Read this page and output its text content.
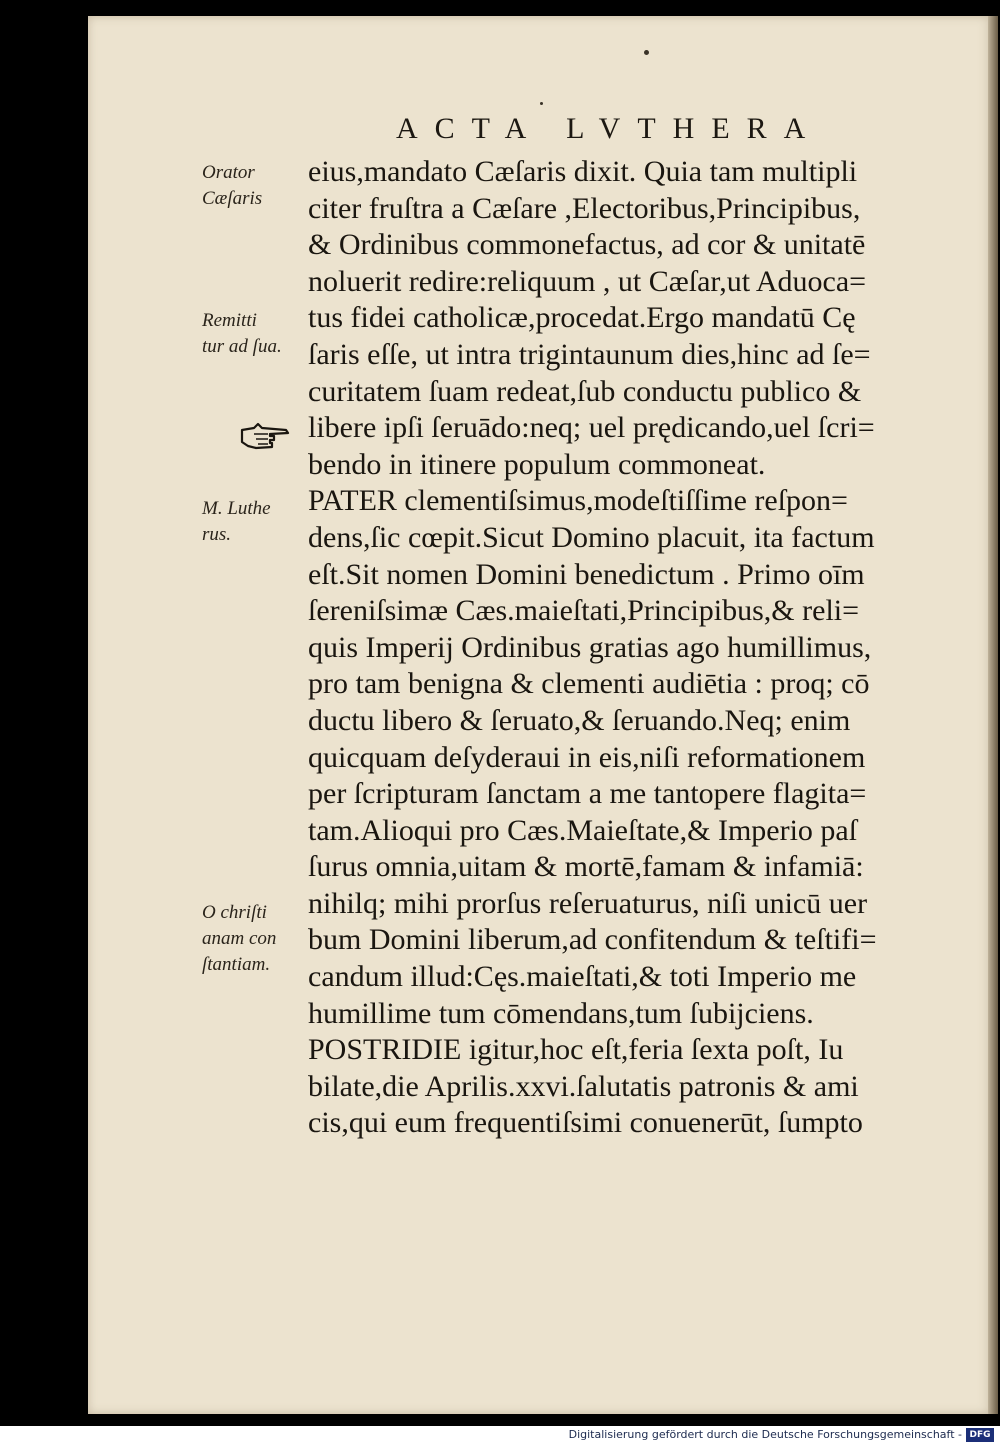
ACTA LVTHERA
Orator
Cæſaris
Remitti
tur ad ſua.
M. Luthe
rus.
O chriſti
anam con
ſtantiam.
eius,mandato Cæſaris dixit. Quia tam multipli
citer fruſtra a Cæſare ,Electoribus,Principibus,
& Ordinibus commonefactus, ad cor & unitatē
noluerit redire:reliquum , ut Cæſar,ut Aduoca=
tus fidei catholicæ,procedat.Ergo mandatū Cę
ſaris eſſe, ut intra trigintaunum dies,hinc ad ſe=
curitatem ſuam redeat,ſub conductu publico &
libere ipſi ſeruādo:neq; uel prędicando,uel ſcri=
bendo in itinere populum commoneat.
PATER clementiſsimus,modeſtiſſime reſpon=
dens,ſic cœpit.Sicut Domino placuit, ita factum
eſt.Sit nomen Domini benedictum . Primo oīm
ſereniſsimæ Cæs.maieſtati,Principibus,& reli=
quis Imperij Ordinibus gratias ago humillimus,
pro tam benigna & clementi audiētia : proq; cō
ductu libero & ſeruato,& ſeruando.Neq; enim
quicquam deſyderaui in eis,niſi reformationem
per ſcripturam ſanctam a me tantopere flagita=
tam.Alioqui pro Cæs.Maieſtate,& Imperio paſ
ſurus omnia,uitam & mortē,famam & infamiā:
nihilq; mihi prorſus reſeruaturus, niſi unicū uer
bum Domini liberum,ad confitendum & teſtifi=
candum illud:Cęs.maieſtati,& toti Imperio me
humillime tum cōmendans,tum ſubijciens.
POSTRIDIE igitur,hoc eſt,feria ſexta poſt, Iu
bilate,die Aprilis.xxvi.ſalutatis patronis & ami
cis,qui eum frequentiſsimi conuenerūt, ſumpto
Digitalisierung gefördert durch die Deutsche Forschungsgemeinschaft - DFG
